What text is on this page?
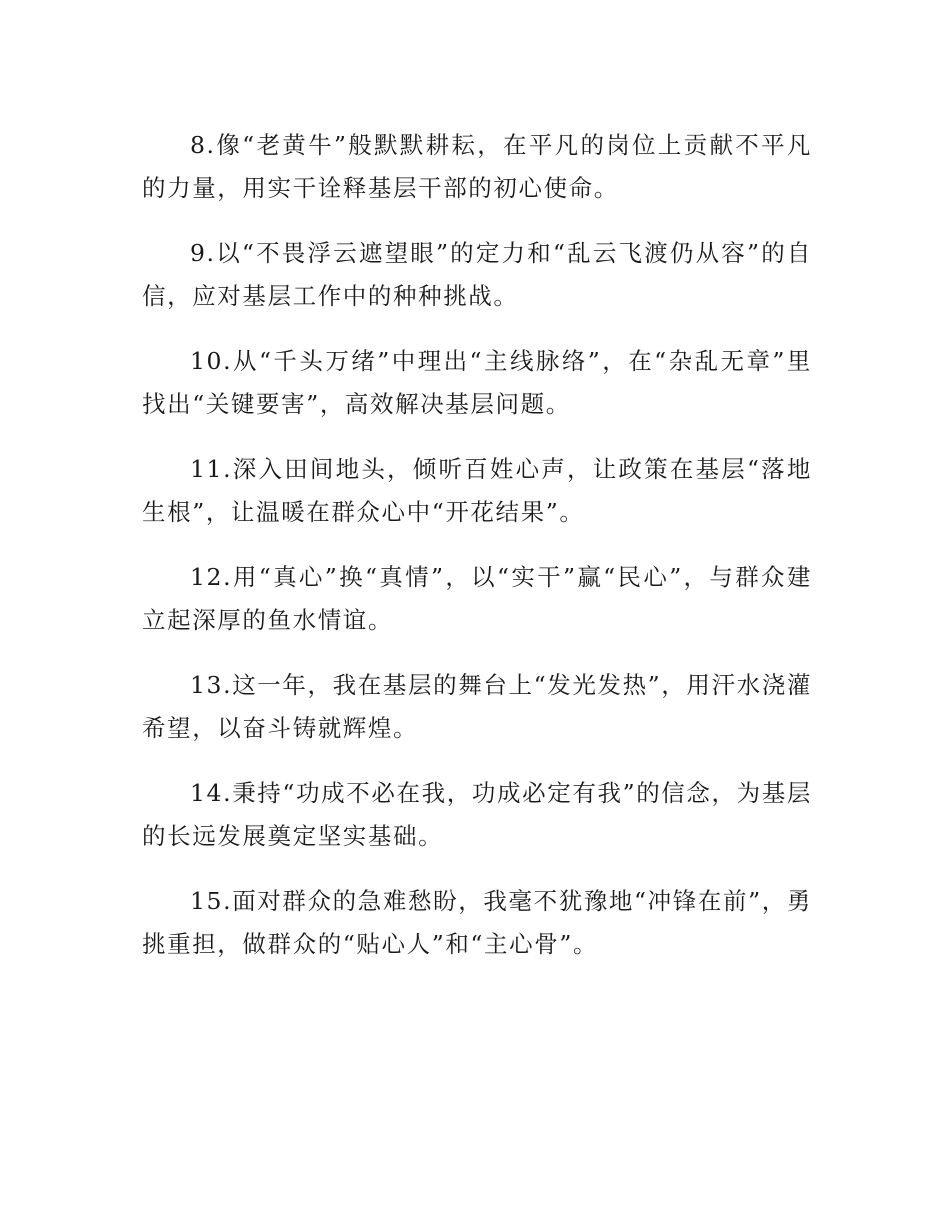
8.像“老黄牛”般默默耕耘，在平凡的岗位上贡献不平凡的力量，用实干诠释基层干部的初心使命。

9.以“不畏浮云遮望眼”的定力和“乱云飞渡仍从容”的自信，应对基层工作中的种种挑战。

10.从“千头万绪”中理出“主线脉络”，在“杂乱无章”里找出“关键要害”，高效解决基层问题。

11.深入田间地头，倾听百姓心声，让政策在基层“落地生根”，让温暖在群众心中“开花结果”。

12.用“真心”换“真情”，以“实干”赢“民心”，与群众建立起深厚的鱼水情谊。

13.这一年，我在基层的舞台上“发光发热”，用汗水浇灌希望，以奋斗铸就辉煌。

14.秉持“功成不必在我，功成必定有我”的信念，为基层的长远发展奠定坚实基础。

15.面对群众的急难愁盼，我毫不犹豫地“冲锋在前”，勇挑重担，做群众的“贴心人”和“主心骨”。
